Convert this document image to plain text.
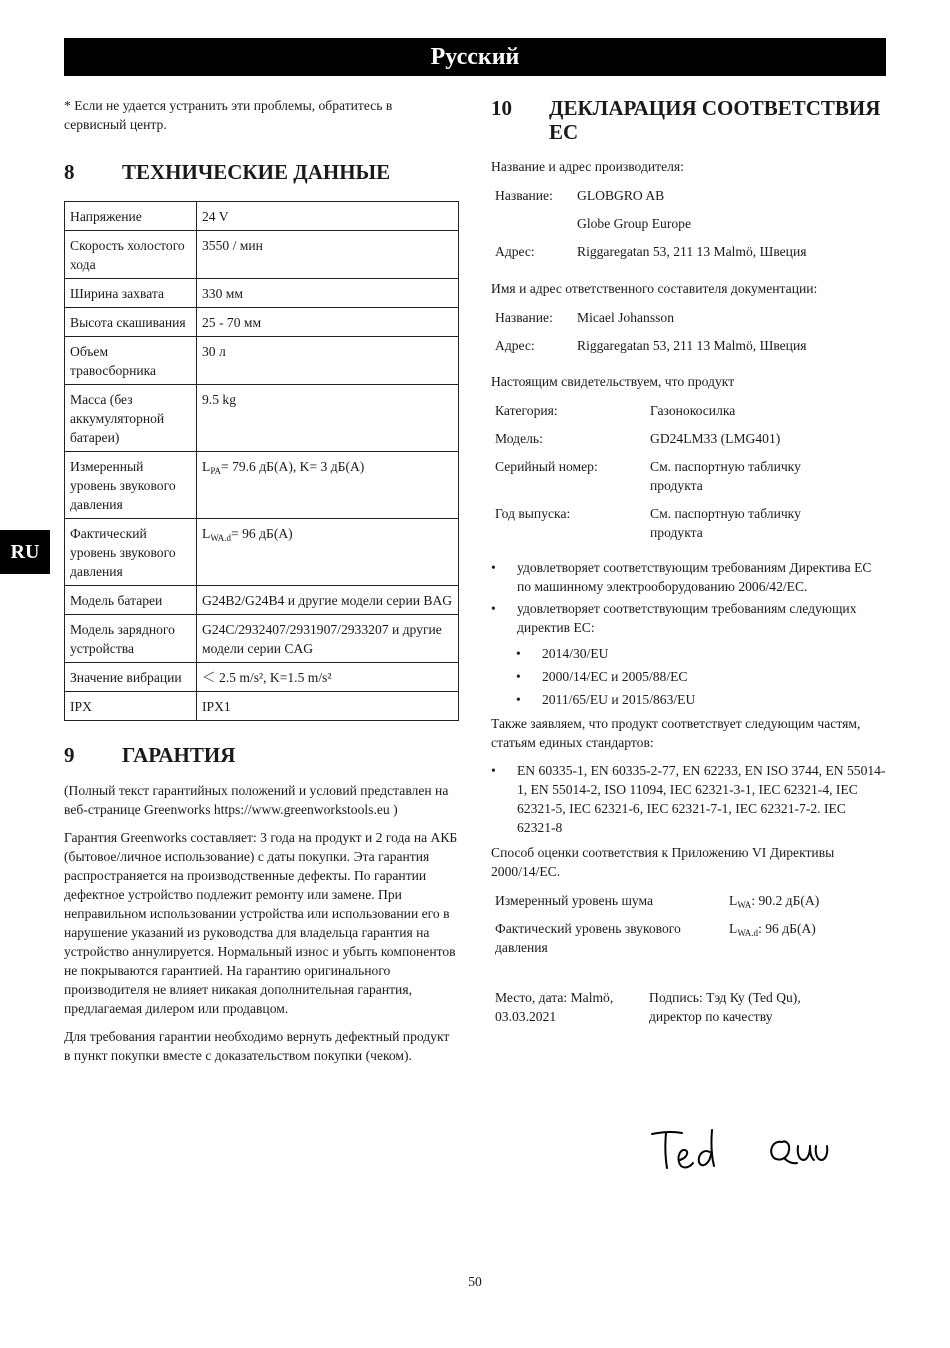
Русский
RU

* Если не удается устранить эти проблемы, обратитесь в сервисный центр.

8	ТЕХНИЧЕСКИЕ ДАННЫЕ
Напряжение	24 V
Скорость холостого хода	3550 / мин
Ширина захвата	330 мм
Высота скашивания	25 - 70 мм
Объем травосборника	30 л
Масса (без аккумуляторной батареи)	9.5 kg
Измеренный уровень звукового давления	$L_{PA}= 79.6$ дБ(A), K= 3 дБ(A)
Фактический уровень звукового давления	$L_{WA.d}= 96$ дБ(A)
Модель батареи	G24B2/G24B4 и другие модели серии BAG
Модель зарядного устройства	G24C/2932407/2931907/2933207 и другие модели серии CAG
Значение вибрации	＜ 2.5 m/s², K=1.5 m/s²
IPX	IPX1
9	ГАРАНТИЯ

(Полный текст гарантийных положений и условий представлен на веб-странице Greenworks https://www.greenworkstools.eu )

Гарантия Greenworks составляет: 3 года на продукт и 2 года на АКБ (бытовое/личное использование) с даты покупки. Эта гарантия распространяется на производственные дефекты. По гарантии дефектное устройство подлежит ремонту или замене. При неправильном использовании устройства или использовании его в нарушение указаний из руководства для владельца гарантия на устройство аннулируется. Нормальный износ и убыть компонентов не покрываются гарантией. На гарантию оригинального производителя не влияет никакая дополнительная гарантия, предлагаемая дилером или продавцом.

Для требования гарантии необходимо вернуть дефектный продукт в пункт покупки вместе с доказательством покупки (чеком).

10	ДЕКЛАРАЦИЯ СООТВЕТСТВИЯ ЕС

Название и адрес производителя:

Название:	GLOBGRO AB
	Globe Group Europe
Адрес:	Riggaregatan 53, 211 13 Malmö, Швеция

Имя и адрес ответственного составителя документации:

Название:	Micael Johansson
Адрес:	Riggaregatan 53, 211 13 Malmö, Швеция

Настоящим свидетельствуем, что продукт

Категория:	Газонокосилка
Модель:	GD24LM33 (LMG401)
Серийный номер:	См. паспортную табличку продукта
Год выпуска:	См. паспортную табличку продукта
• удовлетворяет соответствующим требованиям Директива ЕС по машинному электрооборудованию 2006/42/EC.
• удовлетворяет соответствующим требованиям следующих директив ЕС:
• 2014/30/EU
• 2000/14/EC и 2005/88/EC
• 2011/65/EU и 2015/863/EU

Также заявляем, что продукт соответствует следующим частям, статьям единых стандартов:

• EN 60335-1, EN 60335-2-77, EN 62233, EN ISO 3744, EN 55014-1, EN 55014-2, ISO 11094, IEC 62321-3-1, IEC 62321-4, IEC 62321-5, IEC 62321-6, IEC 62321-7-1, IEC 62321-7-2. IEC 62321-8

Способ оценки соответствия к Приложению VI Директивы 2000/14/EC.

Измеренный уровень шума	$L_{WA}$: 90.2 дБ(A)
Фактический уровень звукового давления	$L_{WA.d}$: 96 дБ(A)

Место, дата: Malmö, 03.03.2021

Подпись: Тэд Ку (Ted Qu), директор по качеству

50
